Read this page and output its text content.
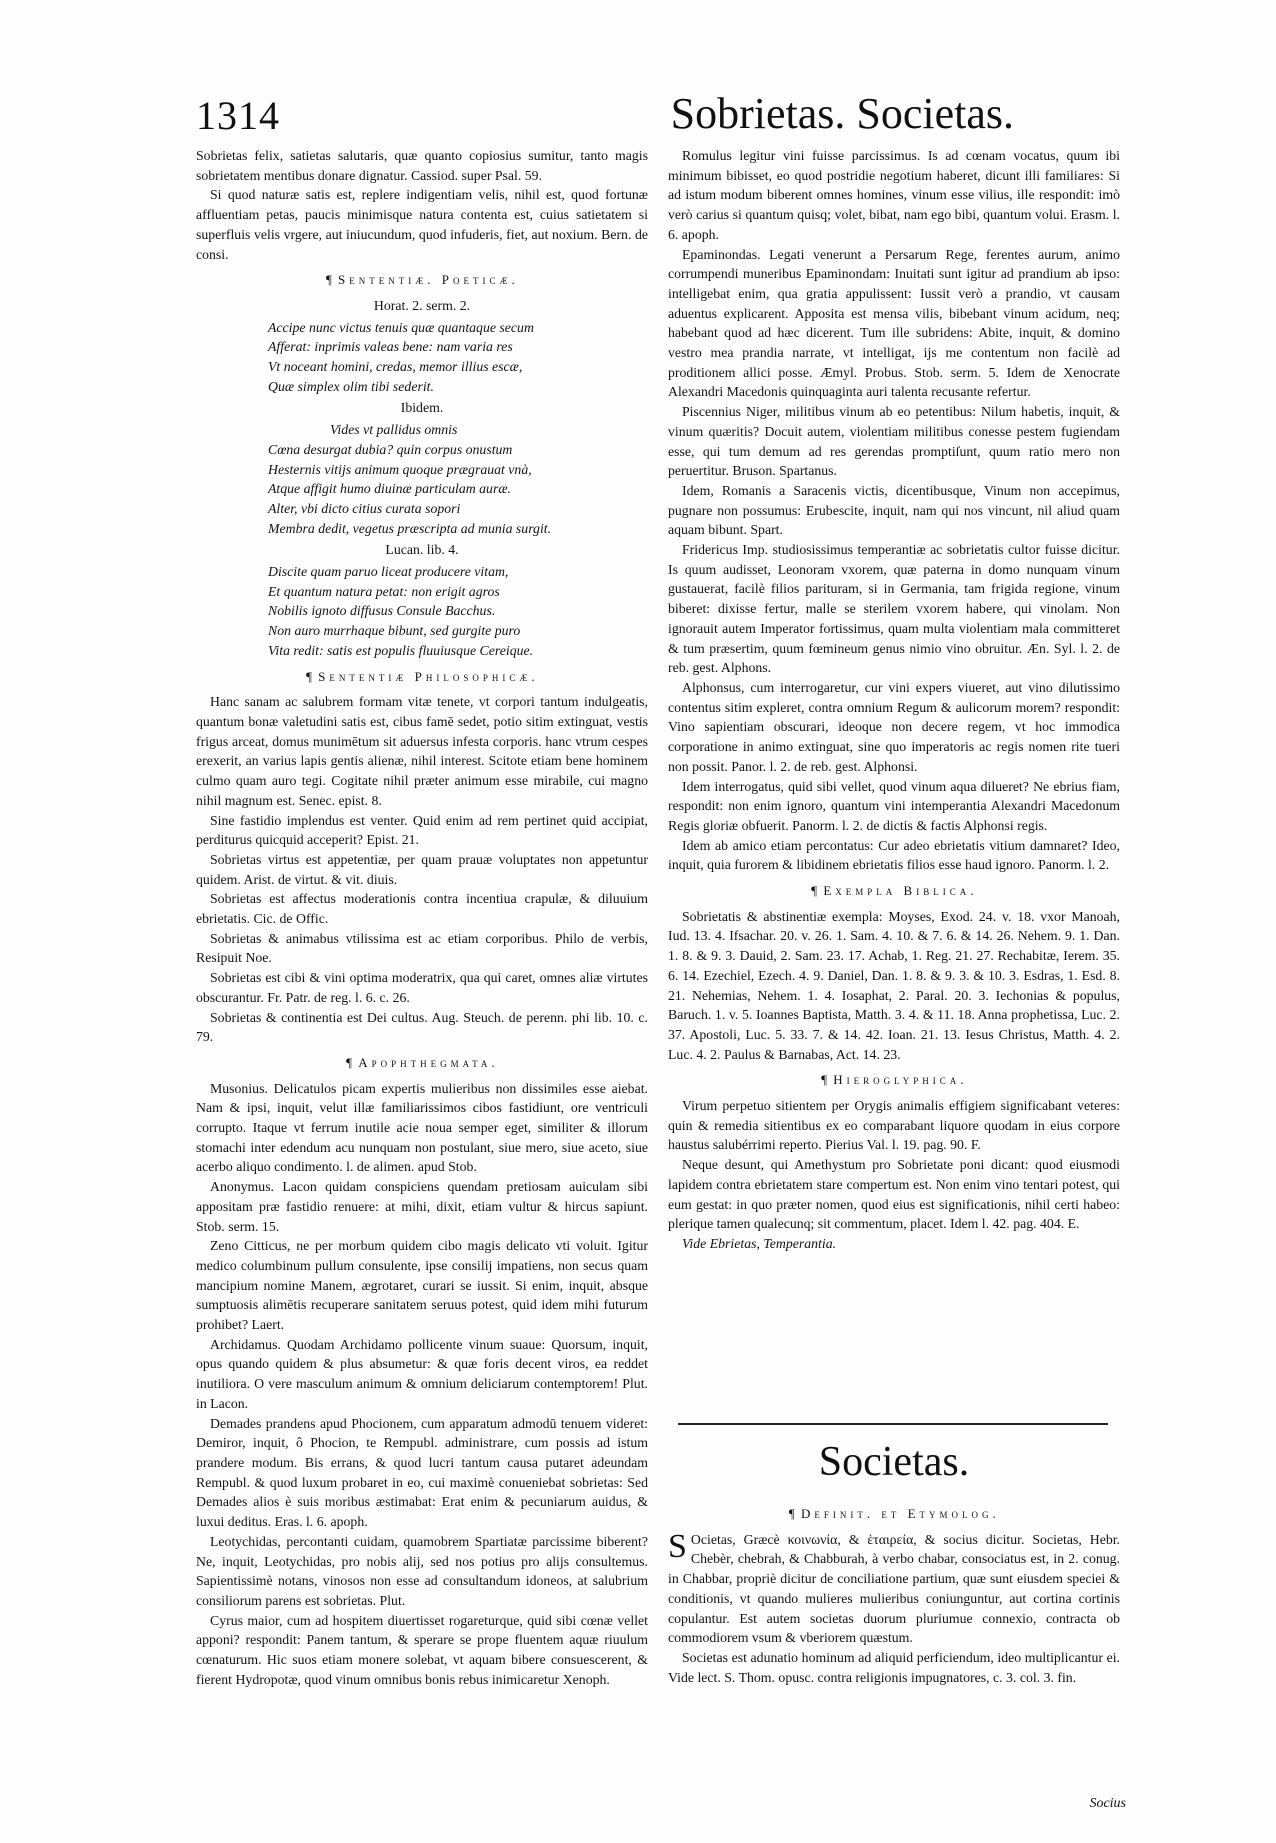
1314	Sobrietas. Societas.

Sobrietas felix, satietas salutaris, quæ quanto copiosius sumitur, tanto magis sobrietatem mentibus donare dignatur. Cassiod. super Psal. 59.

Si quod naturæ satis est, replere indigentiam velis, nihil est, quod fortunæ affluentiam petas, paucis minimisque natura contenta est, cuius satietatem si superfluis velis vrgere, aut iniucundum, quod infuderis, fiet, aut noxium. Bern. de consi.

¶ Sententiæ. Poeticæ.
Horat. 2. serm. 2.

Accipe nunc victus tenuis quæ quantaque secum

Afferat: inprimis valeas bene: nam varia res

Vt noceant homini, credas, memor illius escæ,

Quæ simplex olim tibi sederit.

Ibidem.

Vides vt pallidus omnis

Cœna desurgat dubia? quin corpus onustum

Hesternis vitijs animum quoque prægrauat vnà,

Atque affigit humo diuinæ particulam auræ.

Alter, vbi dicto citius curata sopori

Membra dedit, vegetus præscripta ad munia surgit.

Lucan. lib. 4.

Discite quam paruo liceat producere vitam,

Et quantum natura petat: non erigit agros

Nobilis ignoto diffusus Consule Bacchus.

Non auro murrhaque bibunt, sed gurgite puro

Vita redit: satis est populis fluuiusque Cereique.

¶ Sententiæ Philosophicæ.

Hanc sanam ac salubrem formam vitæ tenete, vt corpori tantum indulgeatis, quantum bonæ valetudini satis est, cibus famē sedet, potio sitim extinguat, vestis frigus arceat, domus munimētum sit aduersus infesta corporis. hanc vtrum cespes erexerit, an varius lapis gentis alienæ, nihil interest. Scitote etiam bene hominem culmo quam auro tegi. Cogitate nihil præter animum esse mirabile, cui magno nihil magnum est. Senec. epist. 8.

Sine fastidio implendus est venter. Quid enim ad rem pertinet quid accipiat, perditurus quicquid acceperit? Epist. 21.

Sobrietas virtus est appetentiæ, per quam prauæ voluptates non appetuntur quidem. Arist. de virtut. & vit. diuis.

Sobrietas est affectus moderationis contra incentiua crapulæ, & diluuium ebrietatis. Cic. de Offic.

Sobrietas & animabus vtilissima est ac etiam corporibus. Philo de verbis, Resipuit Noe.

Sobrietas est cibi & vini optima moderatrix, qua qui caret, omnes aliæ virtutes obscurantur. Fr. Patr. de reg. l. 6. c. 26.

Sobrietas & continentia est Dei cultus. Aug. Steuch. de perenn. phi lib. 10. c. 79.

¶ Apophthegmata.

Musonius. Delicatulos picam expertis mulieribus non dissimiles esse aiebat. Nam & ipsi, inquit, velut illæ familiarissimos cibos fastidiunt, ore ventriculi corrupto. Itaque vt ferrum inutile acie noua semper eget, similiter & illorum stomachi inter edendum acu nunquam non postulant, siue mero, siue aceto, siue acerbo aliquo condimento. l. de alimen. apud Stob.

Anonymus. Lacon quidam conspiciens quendam pretiosam auiculam sibi appositam præ fastidio renuere: at mihi, dixit, etiam vultur & hircus sapiunt. Stob. serm. 15.

Zeno Citticus, ne per morbum quidem cibo magis delicato vti voluit. Igitur medico columbinum pullum consulente, ipse consilij impatiens, non secus quam mancipium nomine Manem, ægrotaret, curari se iussit. Si enim, inquit, absque sumptuosis alimētis recuperare sanitatem seruus potest, quid idem mihi futurum prohibet? Laert.

Archidamus. Quodam Archidamo pollicente vinum suaue: Quorsum, inquit, opus quando quidem & plus absumetur: & quæ foris decent viros, ea reddet inutiliora. O vere masculum animum & omnium deliciarum contemptorem! Plut. in Lacon.

Demades prandens apud Phocionem, cum apparatum admodū tenuem videret: Demiror, inquit, ô Phocion, te Rempubl. administrare, cum possis ad istum prandere modum. Bis errans, & quod lucri tantum causa putaret adeundam Rempubl. & quod luxum probaret in eo, cui maximè conueniebat sobrietas: Sed Demades alios è suis moribus æstimabat: Erat enim & pecuniarum auidus, & luxui deditus. Eras. l. 6. apoph.

Leotychidas, percontanti cuidam, quamobrem Spartiatæ parcissime biberent? Ne, inquit, Leotychidas, pro nobis alij, sed nos potius pro alijs consultemus. Sapientissimè notans, vinosos non esse ad consultandum idoneos, at salubrium consiliorum parens est sobrietas. Plut.

Cyrus maior, cum ad hospitem diuertisset rogareturque, quid sibi cœnæ vellet apponi? respondit: Panem tantum, & sperare se prope fluentem aquæ riuulum cœnaturum. Hic suos etiam monere solebat, vt aquam bibere consuescerent, & fierent Hydropotæ, quod vinum omnibus bonis rebus inimicaretur Xenoph.

Romulus legitur vini fuisse parcissimus. Is ad cœnam vocatus, quum ibi minimum bibisset, eo quod postridie negotium haberet, dicunt illi familiares: Si ad istum modum biberent omnes homines, vinum esse vilius, ille respondit: imò verò carius si quantum quisq; volet, bibat, nam ego bibi, quantum volui. Erasm. l. 6. apoph.

Epaminondas. Legati venerunt a Persarum Rege, ferentes aurum, animo corrumpendi muneribus Epaminondam: Inuitati sunt igitur ad prandium ab ipso: intelligebat enim, qua gratia appulissent: Iussit verò a prandio, vt causam aduentus explicarent. Apposita est mensa vilis, bibebant vinum acidum, neq; habebant quod ad hæc dicerent. Tum ille subridens: Abite, inquit, & domino vestro mea prandia narrate, vt intelligat, ijs me contentum non facilè ad proditionem allici posse. Æmyl. Probus. Stob. serm. 5. Idem de Xenocrate Alexandri Macedonis quinquaginta auri talenta recusante refertur.

Piscennius Niger, militibus vinum ab eo petentibus: Nilum habetis, inquit, & vinum quæritis? Docuit autem, violentiam militibus conesse pestem fugiendam esse, qui tum demum ad res gerendas promptiſunt, quum ratio mero non peruertitur. Bruson. Spartanus.

Idem, Romanis a Saracenis victis, dicentibusque, Vinum non accepimus, pugnare non possumus: Erubescite, inquit, nam qui nos vincunt, nil aliud quam aquam bibunt. Spart.

Fridericus Imp. studiosissimus temperantiæ ac sobrietatis cultor fuisse dicitur. Is quum audisset, Leonoram vxorem, quæ paterna in domo nunquam vinum gustauerat, facilè filios parituram, si in Germania, tam frigida regione, vinum biberet: dixisse fertur, malle se sterilem vxorem habere, qui vinolam. Non ignorauit autem Imperator fortissimus, quam multa violentiam mala committeret & tum præsertim, quum fœmineum genus nimio vino obruitur. Æn. Syl. l. 2. de reb. gest. Alphons.

Alphonsus, cum interrogaretur, cur vini expers viueret, aut vino dilutissimo contentus sitim expleret, contra omnium Regum & aulicorum morem? respondit: Vino sapientiam obscurari, ideoque non decere regem, vt hoc immodica corporatione in animo extinguat, sine quo imperatoris ac regis nomen rite tueri non possit. Panor. l. 2. de reb. gest. Alphonsi.

Idem interrogatus, quid sibi vellet, quod vinum aqua dilueret? Ne ebrius fiam, respondit: non enim ignoro, quantum vini intemperantia Alexandri Macedonum Regis gloriæ obfuerit. Panorm. l. 2. de dictis & factis Alphonsi regis.

Idem ab amico etiam percontatus: Cur adeo ebrietatis vitium damnaret? Ideo, inquit, quia furorem & libidinem ebrietatis filios esse haud ignoro. Panorm. l. 2.

¶ Exempla Biblica.

Sobrietatis & abstinentiæ exempla: Moyses, Exod. 24. v. 18. vxor Manoah, Iud. 13. 4. Ifsachar. 20. v. 26. 1. Sam. 4. 10. & 7. 6. & 14. 26. Nehem. 9. 1. Dan. 1. 8. & 9. 3. Dauid, 2. Sam. 23. 17. Achab, 1. Reg. 21. 27. Rechabitæ, Ierem. 35. 6. 14. Ezechiel, Ezech. 4. 9. Daniel, Dan. 1. 8. & 9. 3. & 10. 3. Esdras, 1. Esd. 8. 21. Nehemias, Nehem. 1. 4. Iosaphat, 2. Paral. 20. 3. Iechonias & populus, Baruch. 1. v. 5. Ioannes Baptista, Matth. 3. 4. & 11. 18. Anna prophetissa, Luc. 2. 37. Apostoli, Luc. 5. 33. 7. & 14. 42. Ioan. 21. 13. Iesus Christus, Matth. 4. 2. Luc. 4. 2. Paulus & Barnabas, Act. 14. 23.

¶ Hieroglyphica.

Virum perpetuo sitientem per Orygis animalis effigiem significabant veteres: quin & remedia sitientibus ex eo comparabant liquore quodam in eius corpore haustus salubérrimi reperto. Pierius Val. l. 19. pag. 90. F.

Neque desunt, qui Amethystum pro Sobrietate poni dicant: quod eiusmodi lapidem contra ebrietatem stare compertum est. Non enim vino tentari potest, qui eum gestat: in quo præter nomen, quod eius est significationis, nihil certi habeo: plerique tamen qualecunq; sit commentum, placet. Idem l. 42. pag. 404. E.

Vide Ebrietas, Temperantia.

Societas.
¶ Definit. et Etymolog.

S Ocietas, Græcè κοινωνία, & ἑταιρεία, & socius dicitur. Societas, Hebr. Chebèr, chebrah, & Chabburah, à verbo chabar, consociatus est, in 2. conug. in Chabbar, propriè dicitur de conciliatione partium, quæ sunt eiusdem speciei & conditionis, vt quando mulieres mulieribus coniunguntur, aut cortina cortinis copulantur. Est autem societas duorum pluriumue connexio, contracta ob commodiorem vsum & vberiorem quæstum.

Societas est adunatio hominum ad aliquid perficiendum, ideo multiplicantur ei. Vide lect. S. Thom. opusc. contra religionis impugnatores, c. 3. col. 3. fin.

Socius
